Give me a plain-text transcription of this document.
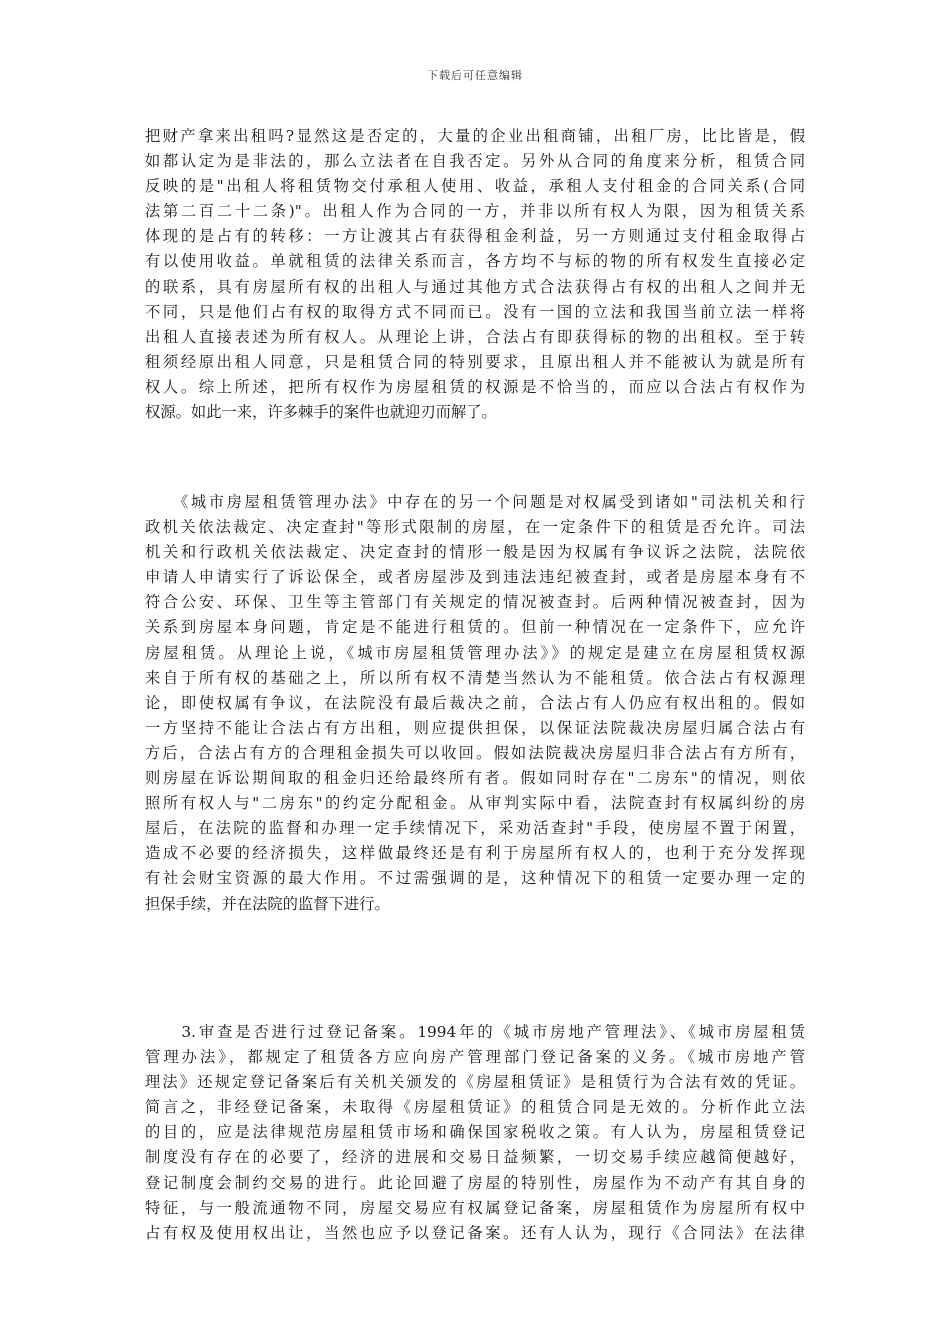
下载后可任意编辑
把财产拿来出租吗?显然这是否定的，大量的企业出租商铺，出租厂房，比比皆是，假
如都认定为是非法的，那么立法者在自我否定。另外从合同的角度来分析，租赁合同
反映的是"出租人将租赁物交付承租人使用、收益，承租人支付租金的合同关系(合同
法第二百二十二条)"。出租人作为合同的一方，并非以所有权人为限，因为租赁关系
体现的是占有的转移：一方让渡其占有获得租金利益，另一方则通过支付租金取得占
有以使用收益。单就租赁的法律关系而言，各方均不与标的物的所有权发生直接必定
的联系，具有房屋所有权的出租人与通过其他方式合法获得占有权的出租人之间并无
不同，只是他们占有权的取得方式不同而已。没有一国的立法和我国当前立法一样将
出租人直接表述为所有权人。从理论上讲，合法占有即获得标的物的出租权。至于转
租须经原出租人同意，只是租赁合同的特别要求，且原出租人并不能被认为就是所有
权人。综上所述，把所有权作为房屋租赁的权源是不恰当的，而应以合法占有权作为
权源。如此一来，许多棘手的案件也就迎刃而解了。
　　《城市房屋租赁管理办法》中存在的另一个问题是对权属受到诸如"司法机关和行
政机关依法裁定、决定查封"等形式限制的房屋，在一定条件下的租赁是否允许。司法
机关和行政机关依法裁定、决定查封的情形一般是因为权属有争议诉之法院，法院依
申请人申请实行了诉讼保全，或者房屋涉及到违法违纪被查封，或者是房屋本身有不
符合公安、环保、卫生等主管部门有关规定的情况被查封。后两种情况被查封，因为
关系到房屋本身问题，肯定是不能进行租赁的。但前一种情况在一定条件下，应允许
房屋租赁。从理论上说，《城市房屋租赁管理办法》》的规定是建立在房屋租赁权源
来自于所有权的基础之上，所以所有权不清楚当然认为不能租赁。依合法占有权源理
论，即使权属有争议，在法院没有最后裁决之前，合法占有人仍应有权出租的。假如
一方坚持不能让合法占有方出租，则应提供担保，以保证法院裁决房屋归属合法占有
方后，合法占有方的合理租金损失可以收回。假如法院裁决房屋归非合法占有方所有，
则房屋在诉讼期间取的租金归还给最终所有者。假如同时存在"二房东"的情况，则依
照所有权人与"二房东"的约定分配租金。从审判实际中看，法院查封有权属纠纷的房
屋后，在法院的监督和办理一定手续情况下，采劝活查封"手段，使房屋不置于闲置，
造成不必要的经济损失，这样做最终还是有利于房屋所有权人的，也利于充分发挥现
有社会财宝资源的最大作用。不过需强调的是，这种情况下的租赁一定要办理一定的
担保手续，并在法院的监督下进行。
　　3.审查是否进行过登记备案。1994年的《城市房地产管理法》、《城市房屋租赁
管理办法》，都规定了租赁各方应向房产管理部门登记备案的义务。《城市房地产管
理法》还规定登记备案后有关机关颁发的《房屋租赁证》是租赁行为合法有效的凭证。
简言之，非经登记备案，未取得《房屋租赁证》的租赁合同是无效的。分析作此立法
的目的，应是法律规范房屋租赁市场和确保国家税收之策。有人认为，房屋租赁登记
制度没有存在的必要了，经济的进展和交易日益频繁，一切交易手续应越简便越好，
登记制度会制约交易的进行。此论回避了房屋的特别性，房屋作为不动产有其自身的
特征，与一般流通物不同，房屋交易应有权属登记备案，房屋租赁作为房屋所有权中
占有权及使用权出让，当然也应予以登记备案。还有人认为，现行《合同法》在法律
